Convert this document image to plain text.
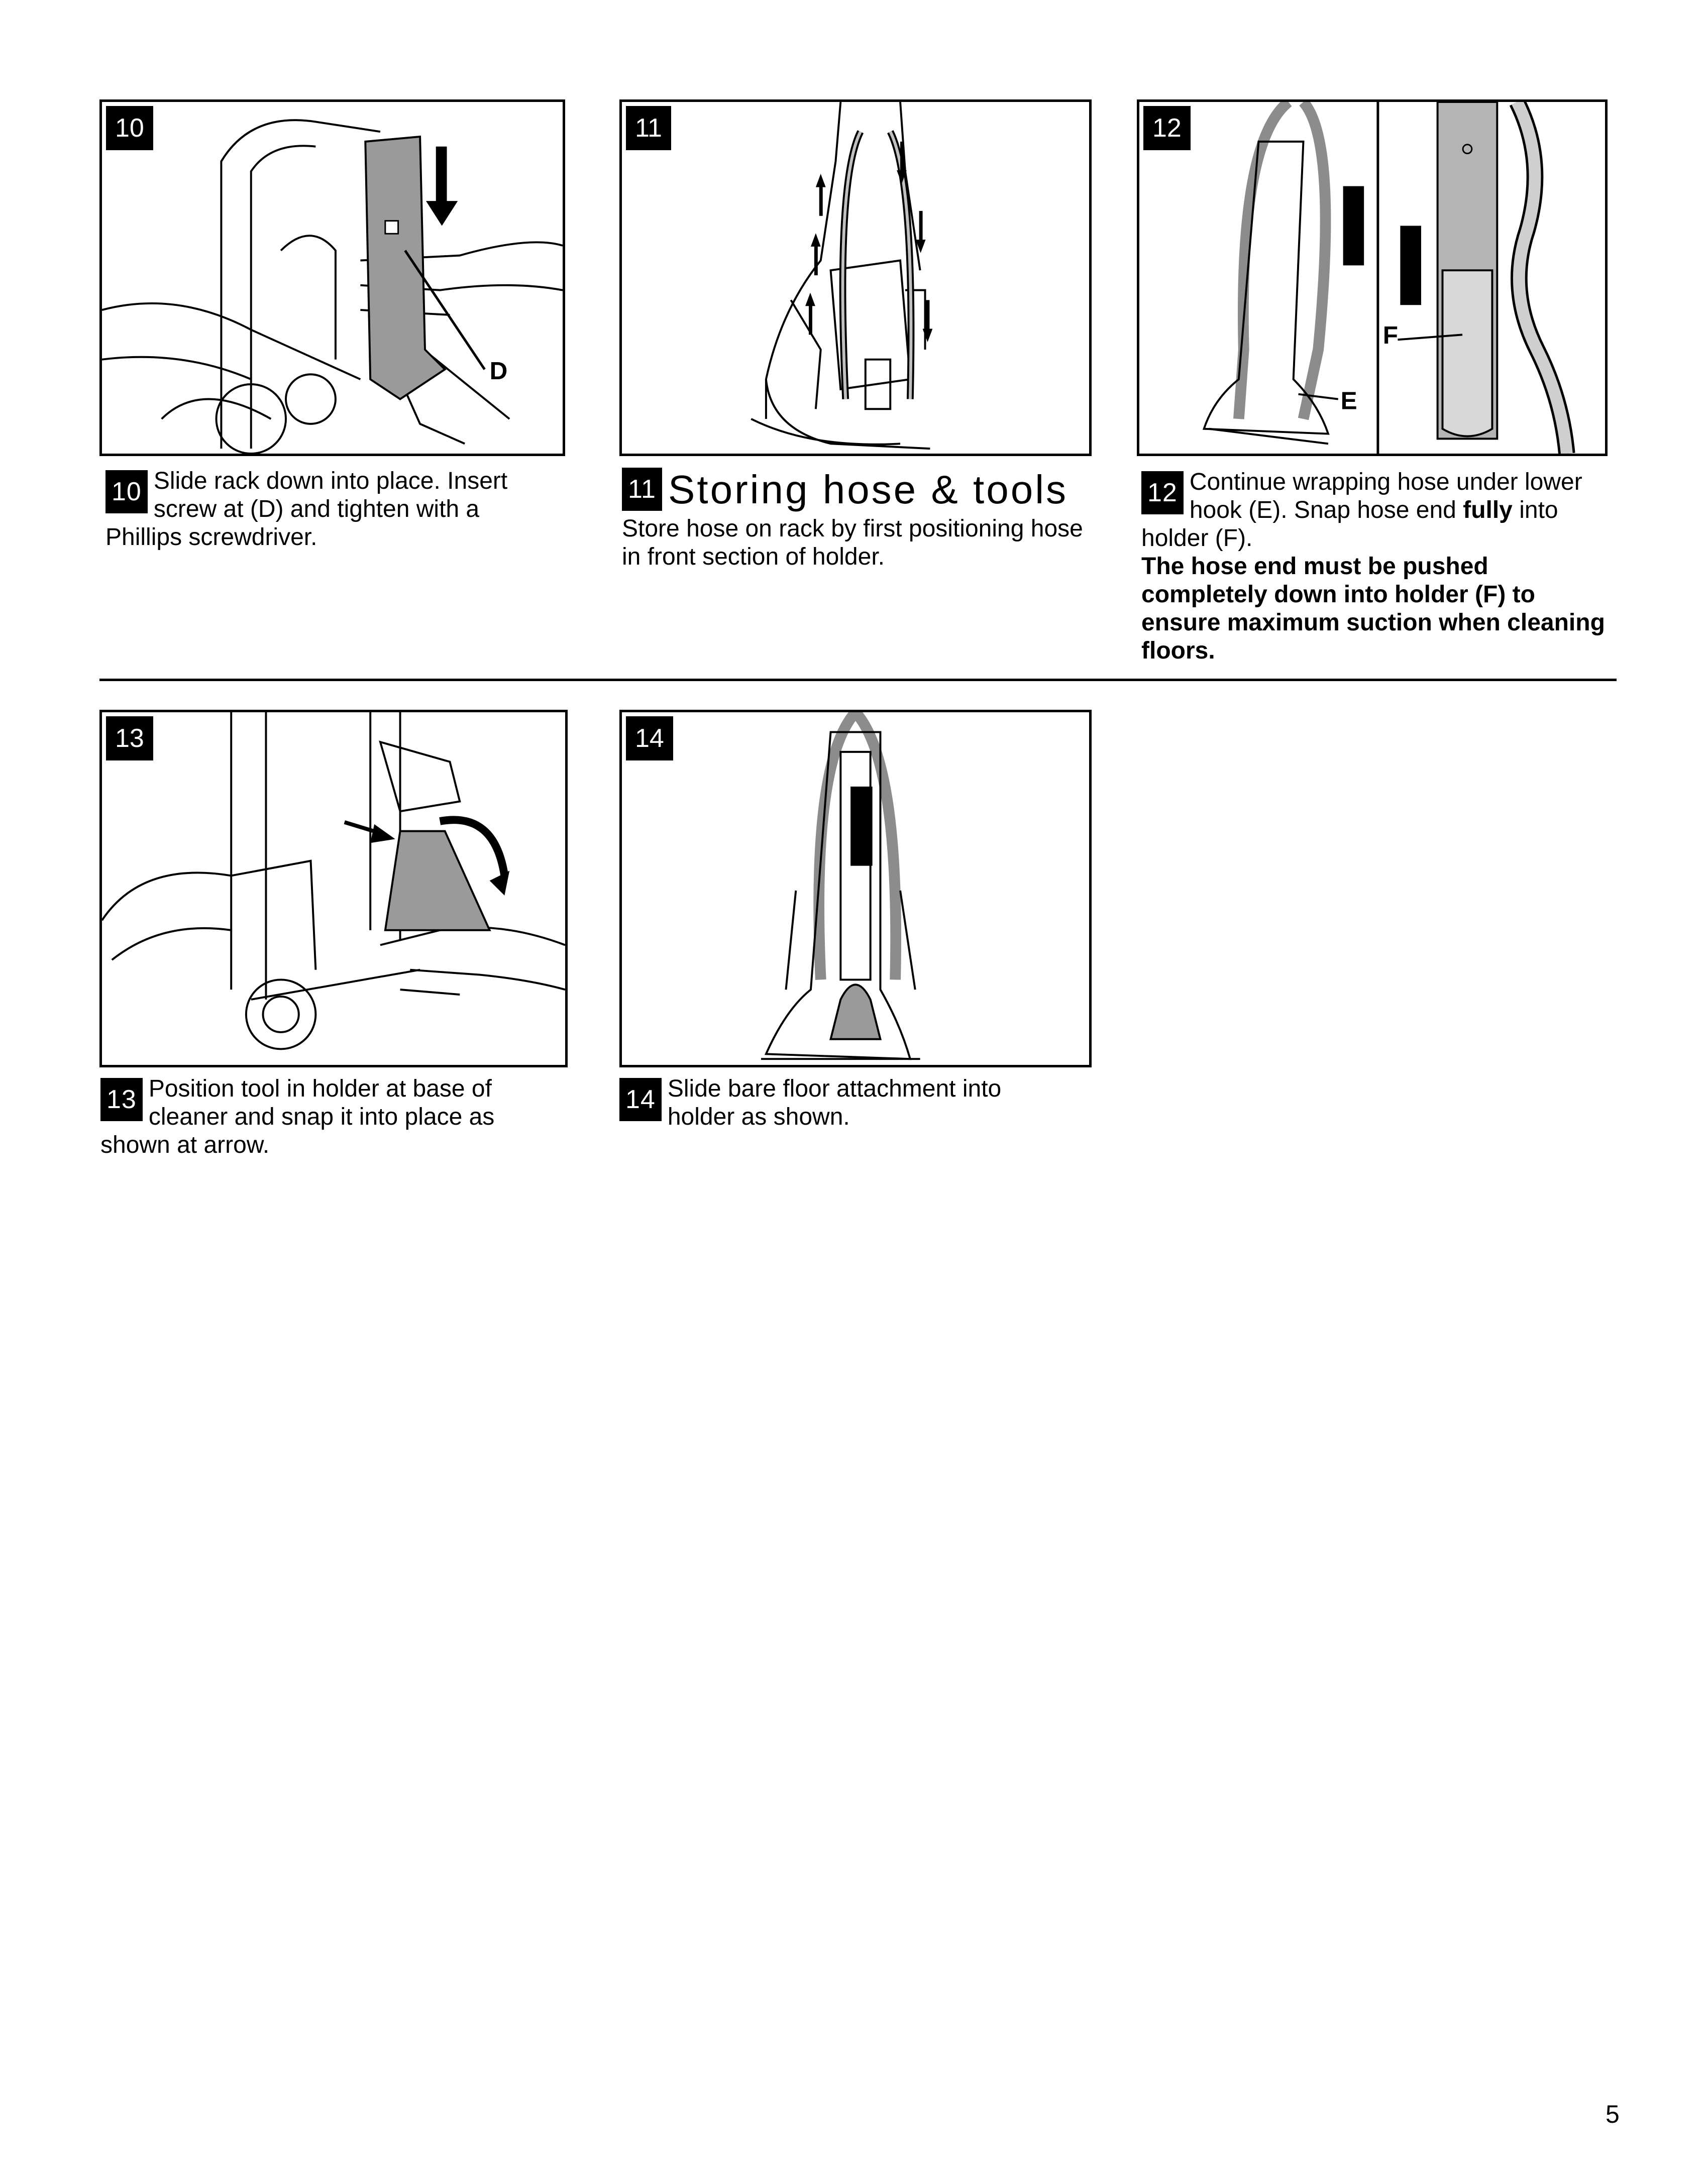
10
D
11	12
F
E
10 Slide rack down into place. Insert screw at (D) and tighten with a Phillips screwdriver.
11 Storing hose & tools
Store hose on rack by first positioning hose in front section of holder.
12 Continue wrapping hose under lower hook (E). Snap hose end fully into holder (F).
The hose end must be pushed completely down into holder (F) to ensure maximum suction when cleaning floors.
13	14
13 Position tool in holder at base of cleaner and snap it into place as shown at arrow.
14 Slide bare floor attachment into holder as shown.
5
